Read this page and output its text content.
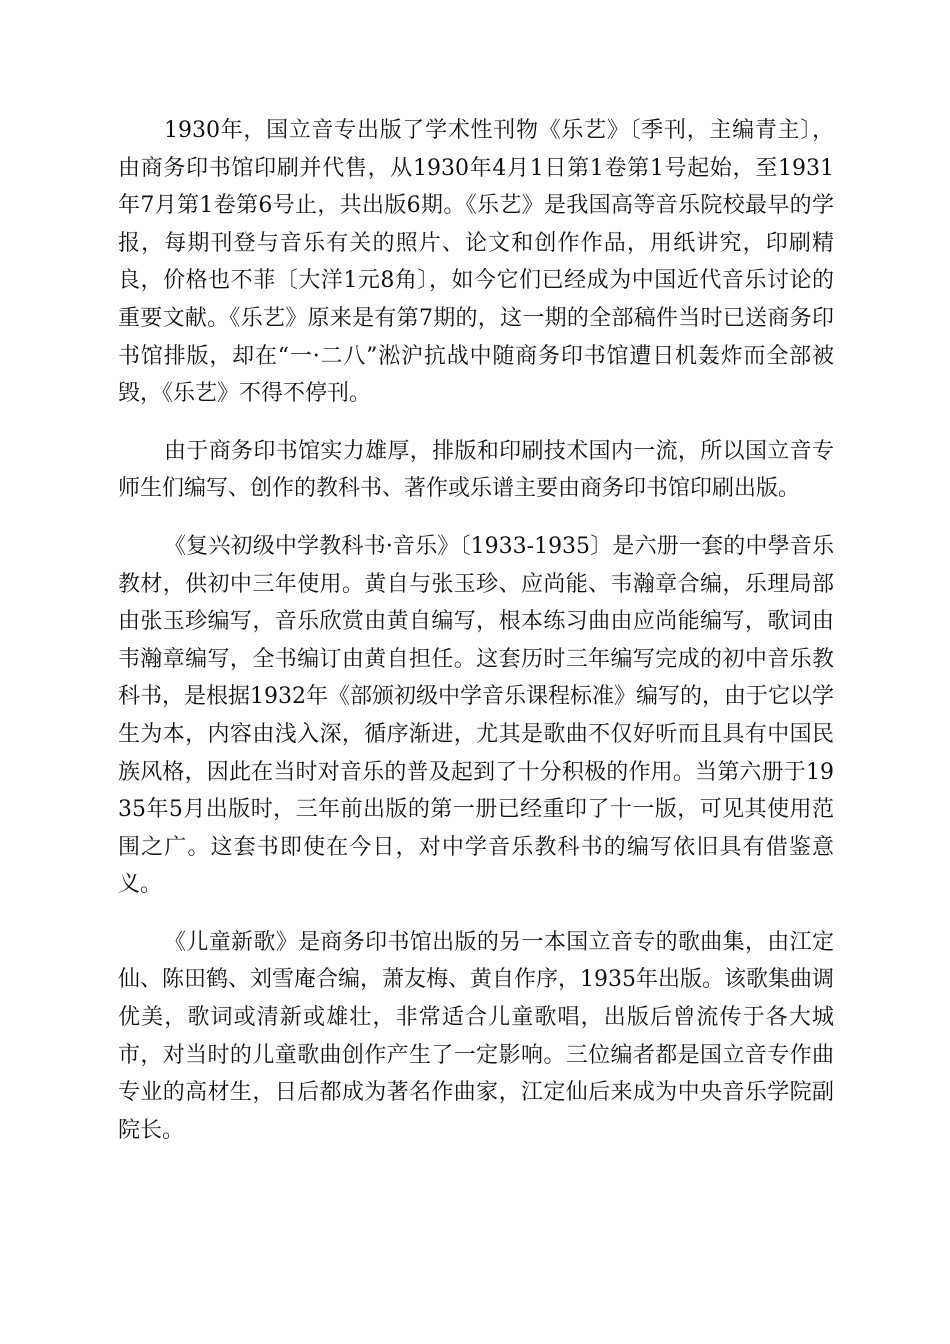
1930年，国立音专出版了学术性刊物《乐艺》〔季刊，主编青主〕，由商务印书馆印刷并代售，从1930年4月1日第1卷第1号起始，至1931年7月第1卷第6号止，共出版6期。《乐艺》是我国高等音乐院校最早的学报，每期刊登与音乐有关的照片、论文和创作作品，用纸讲究，印刷精良，价格也不菲〔大洋1元8角〕，如今它们已经成为中国近代音乐讨论的重要文献。《乐艺》原来是有第7期的，这一期的全部稿件当时已送商务印书馆排版，却在“一·二八”淞沪抗战中随商务印书馆遭日机轰炸而全部被毁，《乐艺》不得不停刊。

由于商务印书馆实力雄厚，排版和印刷技术国内一流，所以国立音专师生们编写、创作的教科书、著作或乐谱主要由商务印书馆印刷出版。

《复兴初级中学教科书·音乐》〔1933-1935〕是六册一套的中學音乐教材，供初中三年使用。黄自与张玉珍、应尚能、韦瀚章合编，乐理局部由张玉珍编写，音乐欣赏由黄自编写，根本练习曲由应尚能编写，歌词由韦瀚章编写，全书编订由黄自担任。这套历时三年编写完成的初中音乐教科书，是根据1932年《部颁初级中学音乐课程标准》编写的，由于它以学生为本，内容由浅入深，循序渐进，尤其是歌曲不仅好听而且具有中国民族风格，因此在当时对音乐的普及起到了十分积极的作用。当第六册于1935年5月出版时，三年前出版的第一册已经重印了十一版，可见其使用范围之广。这套书即使在今日，对中学音乐教科书的编写依旧具有借鉴意义。

《儿童新歌》是商务印书馆出版的另一本国立音专的歌曲集，由江定仙、陈田鹤、刘雪庵合编，萧友梅、黄自作序，1935年出版。该歌集曲调优美，歌词或清新或雄壮，非常适合儿童歌唱，出版后曾流传于各大城市，对当时的儿童歌曲创作产生了一定影响。三位编者都是国立音专作曲专业的高材生，日后都成为著名作曲家，江定仙后来成为中央音乐学院副院长。
